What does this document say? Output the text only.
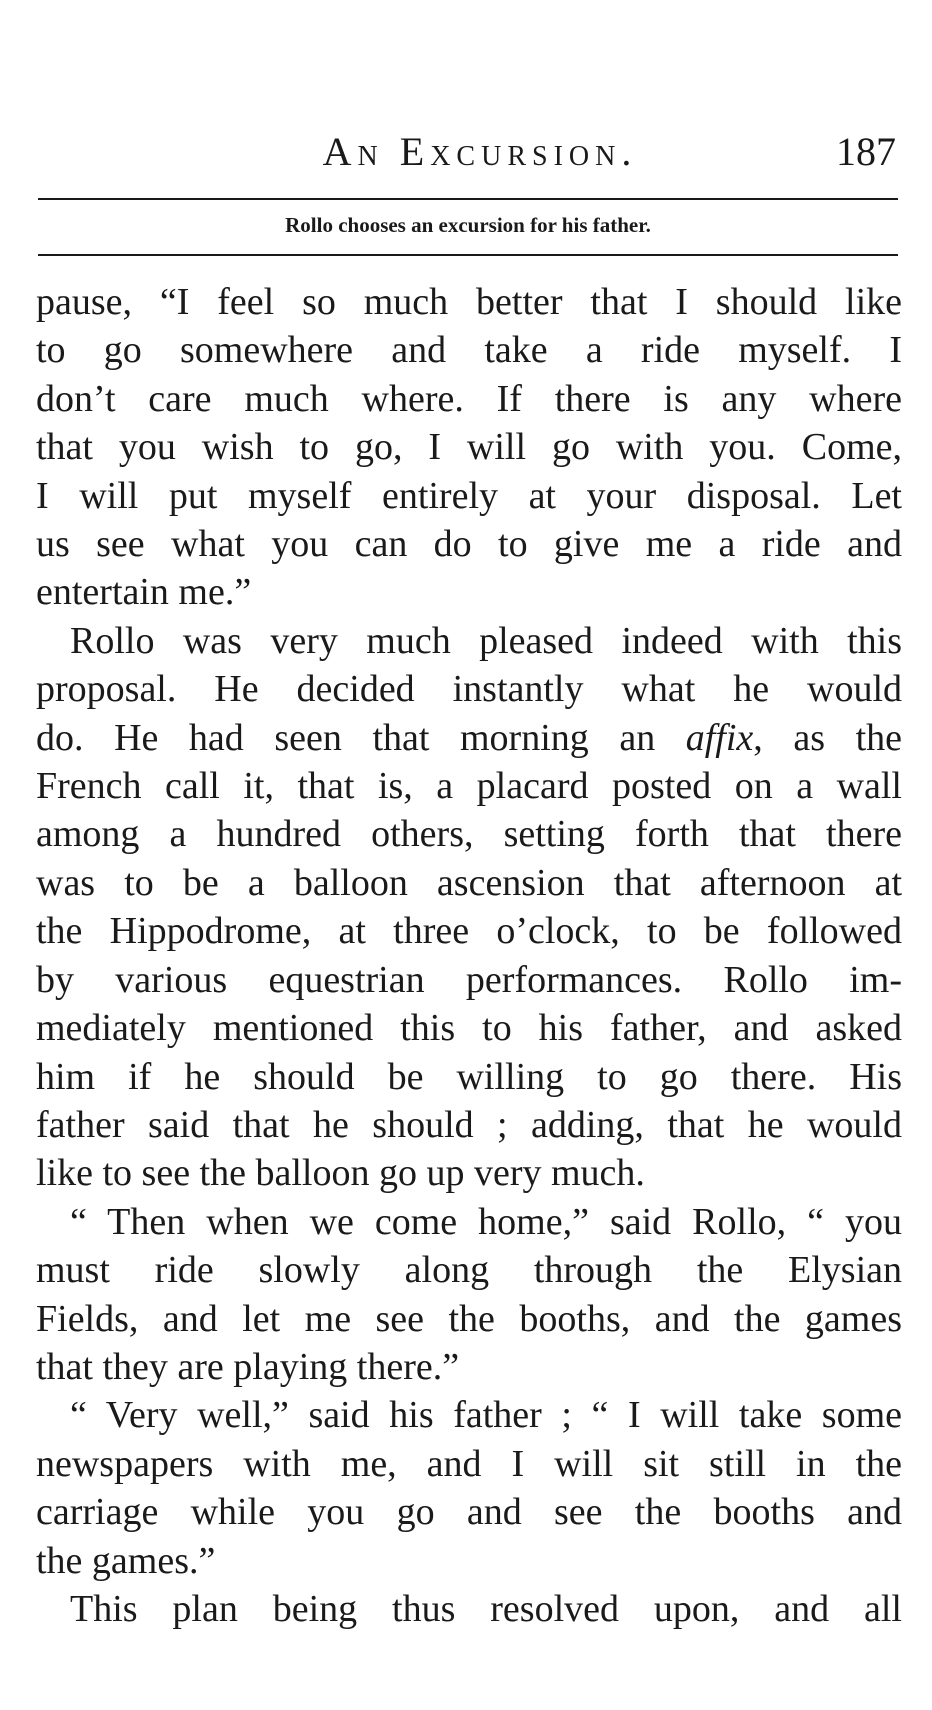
An Excursion.	187
Rollo chooses an excursion for his father.
pause, “I feel so much better that I should like
to go somewhere and take a ride myself. I
don’t care much where. If there is any where
that you wish to go, I will go with you. Come,
I will put myself entirely at your disposal. Let
us see what you can do to give me a ride and
entertain me.”
Rollo was very much pleased indeed with this
proposal. He decided instantly what he would
do. He had seen that morning an affix, as the
French call it, that is, a placard posted on a wall
among a hundred others, setting forth that there
was to be a balloon ascension that afternoon at
the Hippodrome, at three o’clock, to be followed
by various equestrian performances. Rollo im-
mediately mentioned this to his father, and asked
him if he should be willing to go there. His
father said that he should ; adding, that he would
like to see the balloon go up very much.
“ Then when we come home,” said Rollo, “ you
must ride slowly along through the Elysian
Fields, and let me see the booths, and the games
that they are playing there.”
“ Very well,” said his father ; “ I will take some
newspapers with me, and I will sit still in the
carriage while you go and see the booths and
the games.”
This plan being thus resolved upon, and all
